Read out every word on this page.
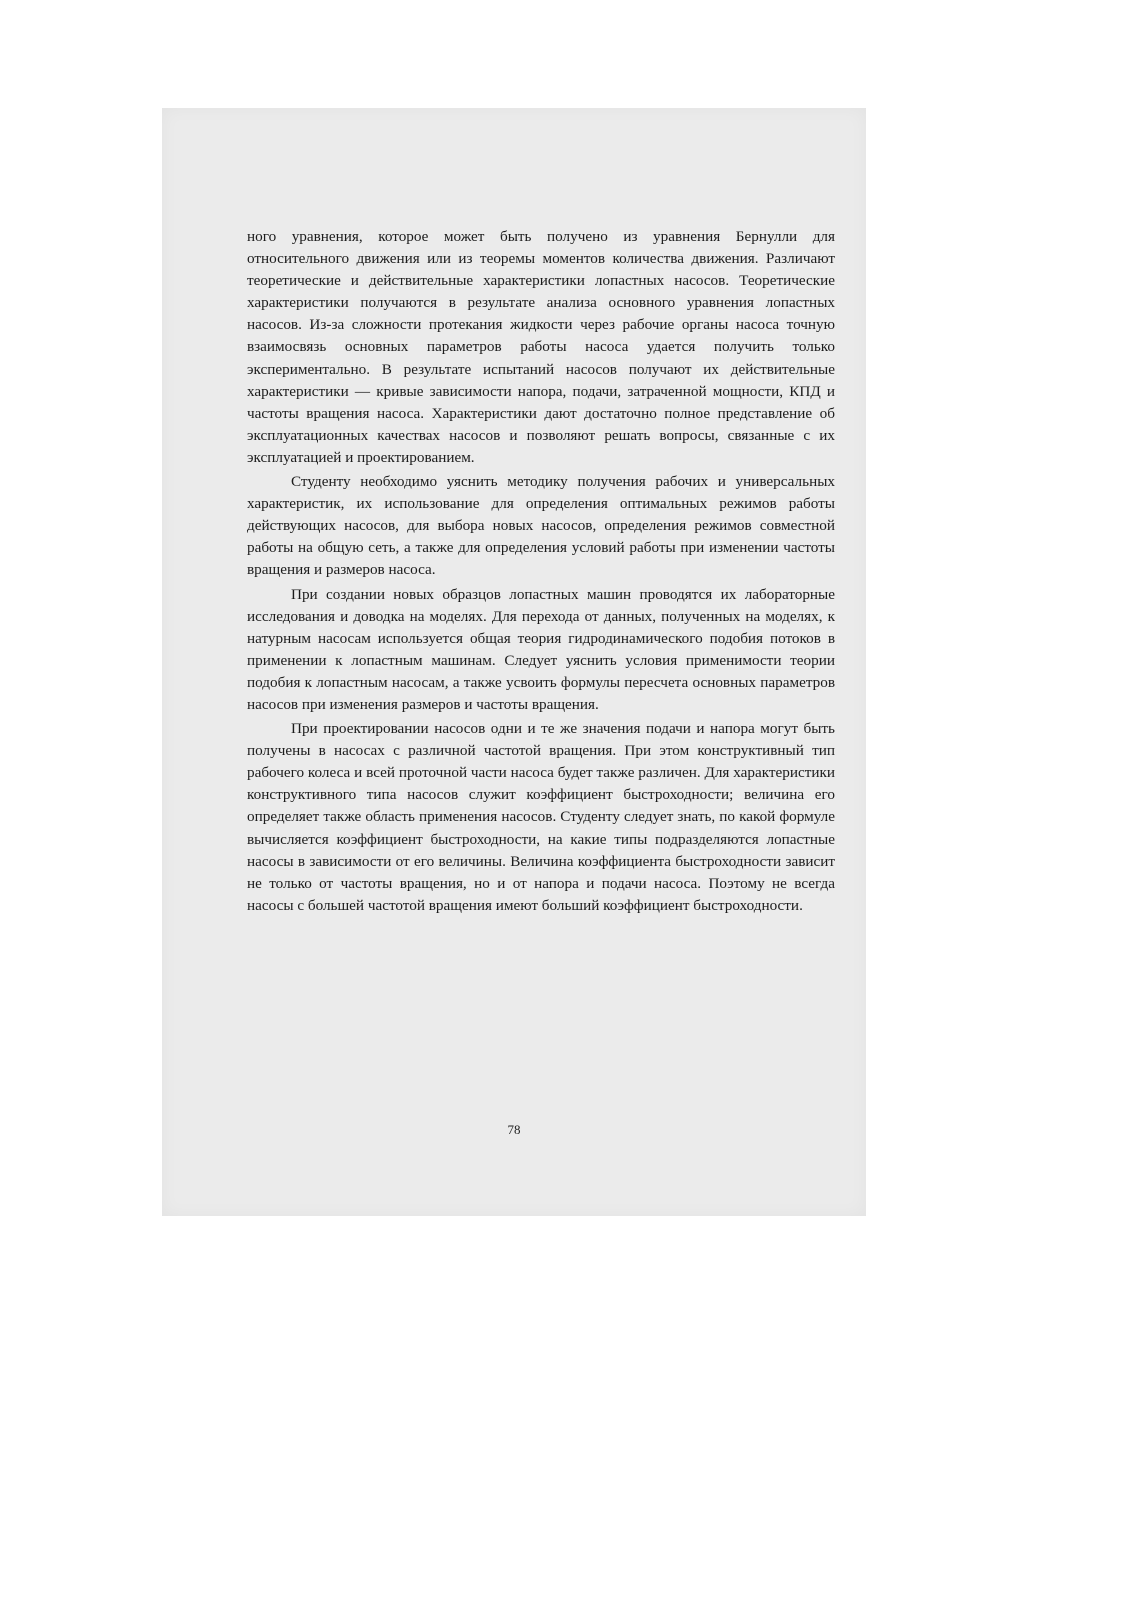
ного уравнения, которое может быть получено из уравнения Бернулли для относительного движения или из теоремы моментов количества движения. Различают теоретические и действительные характеристики лопастных насосов. Теоретические характеристики получаются в результате анализа основного уравнения лопастных насосов. Из-за сложности протекания жидкости через рабочие органы насоса точную взаимосвязь основных параметров работы насоса удается получить только экспериментально. В результате испытаний насосов получают их действительные характеристики — кривые зависимости напора, подачи, затраченной мощности, КПД и частоты вращения насоса. Характеристики дают достаточно полное представление об эксплуатационных качествах насосов и позволяют решать вопросы, связанные с их эксплуатацией и проектированием.

Студенту необходимо уяснить методику получения рабочих и универсальных характеристик, их использование для определения оптимальных режимов работы действующих насосов, для выбора новых насосов, определения режимов совместной работы на общую сеть, а также для определения условий работы при изменении частоты вращения и размеров насоса.

При создании новых образцов лопастных машин проводятся их лабораторные исследования и доводка на моделях. Для перехода от данных, полученных на моделях, к натурным насосам используется общая теория гидродинамического подобия потоков в применении к лопастным машинам. Следует уяснить условия применимости теории подобия к лопастным насосам, а также усвоить формулы пересчета основных параметров насосов при изменения размеров и частоты вращения.

При проектировании насосов одни и те же значения подачи и напора могут быть получены в насосах с различной частотой вращения. При этом конструктивный тип рабочего колеса и всей проточной части насоса будет также различен. Для характеристики конструктивного типа насосов служит коэффициент быстроходности; величина его определяет также область применения насосов. Студенту следует знать, по какой формуле вычисляется коэффициент быстроходности, на какие типы подразделяются лопастные насосы в зависимости от его величины. Величина коэффициента быстроходности зависит не только от частоты вращения, но и от напора и подачи насоса. Поэтому не всегда насосы с большей частотой вращения имеют больший коэффициент быстроходности.

78
